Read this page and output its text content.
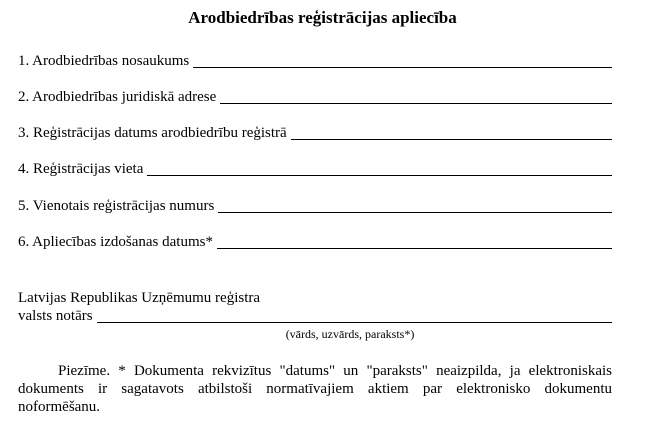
Arodbiedrības reģistrācijas apliecība
1. Arodbiedrības nosaukums
2. Arodbiedrības juridiskā adrese
3. Reģistrācijas datums arodbiedrību reģistrā
4. Reģistrācijas vieta
5. Vienotais reģistrācijas numurs
6. Apliecības izdošanas datums*
Latvijas Republikas Uzņēmumu reģistra
valsts notārs
(vārds, uzvārds, paraksts*)
Piezīme. * Dokumenta rekvizītus "datums" un "paraksts" neaizpilda, ja elektroniskais dokuments ir sagatavots atbilstoši normatīvajiem aktiem par elektronisko dokumentu noformēšanu.
